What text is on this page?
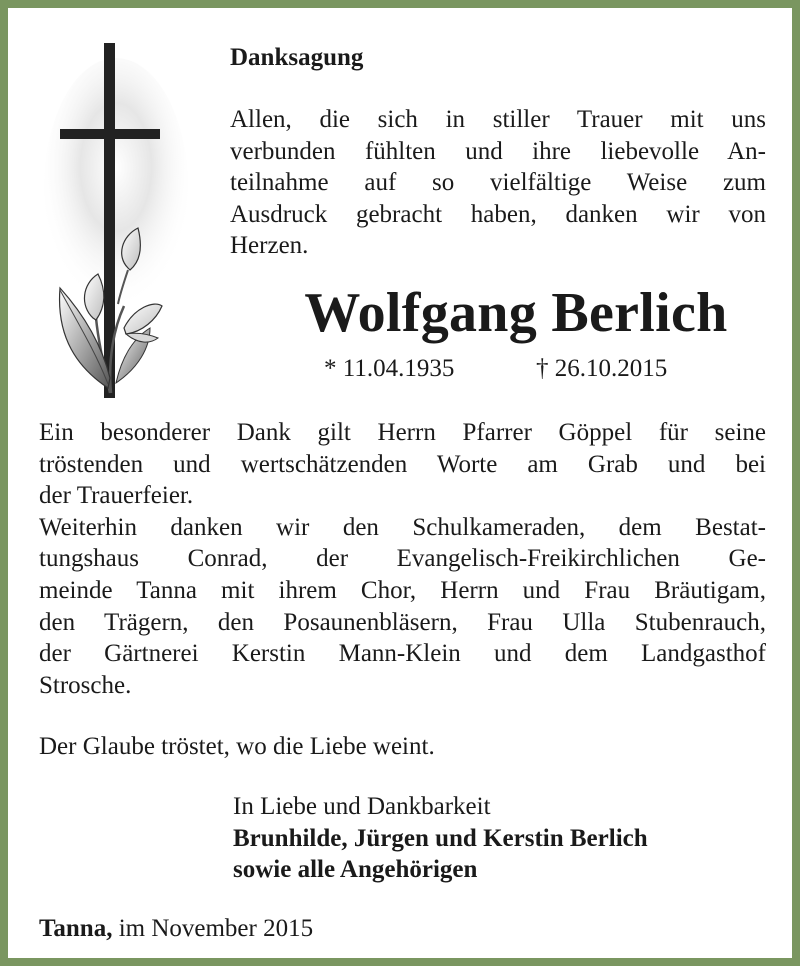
Danksagung
Allen, die sich in stiller Trauer mit uns
verbunden fühlten und ihre liebevolle An-
teilnahme auf so vielfältige Weise zum
Ausdruck gebracht haben, danken wir von
Herzen.
Wolfgang Berlich
* 11.04.1935	† 26.10.2015
Ein besonderer Dank gilt Herrn Pfarrer Göppel für seine
tröstenden und wertschätzenden Worte am Grab und bei
der Trauerfeier.
Weiterhin danken wir den Schulkameraden, dem Bestat-
tungshaus Conrad, der Evangelisch-Freikirchlichen Ge-
meinde Tanna mit ihrem Chor, Herrn und Frau Bräutigam,
den Trägern, den Posaunenbläsern, Frau Ulla Stubenrauch,
der Gärtnerei Kerstin Mann-Klein und dem Landgasthof
Strosche.
Der Glaube tröstet, wo die Liebe weint.
In Liebe und Dankbarkeit
Brunhilde, Jürgen und Kerstin Berlich
sowie alle Angehörigen
Tanna, im November 2015
